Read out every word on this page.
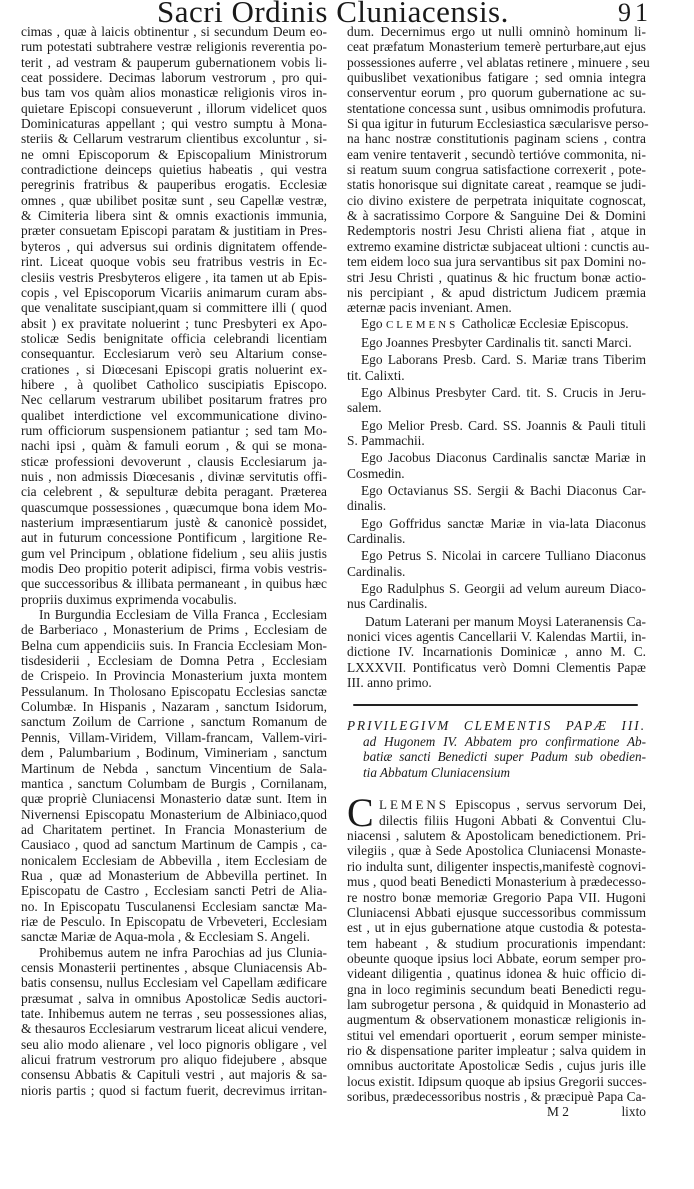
Sacri Ordinis Cluniacensis.	91
cimas , quæ à laicis obtinentur , si secundum Deum eo-
rum potestati subtrahere vestræ religionis reverentia po-
terit , ad vestram & pauperum gubernationem vobis li-
ceat possidere. Decimas laborum vestrorum , pro qui-
bus tam vos quàm alios monasticæ religionis viros in-
quietare Episcopi consueverunt , illorum videlicet quos
Dominicaturas appellant ; qui vestro sumptu à Mona-
steriis & Cellarum vestrarum clientibus excoluntur , si-
ne omni Episcoporum & Episcopalium Ministrorum
contradictione deinceps quietius habeatis , qui vestra
peregrinis fratribus & pauperibus erogatis. Ecclesiæ
omnes , quæ ubilibet positæ sunt , seu Capellæ vestræ,
& Cimiteria libera sint & omnis exactionis immunia,
præter consuetam Episcopi paratam & justitiam in Pres-
byteros , qui adversus sui ordinis dignitatem offende-
rint. Liceat quoque vobis seu fratribus vestris in Ec-
clesiis vestris Presbyteros eligere , ita tamen ut ab Epis-
copis , vel Episcoporum Vicariis animarum curam abs-
que venalitate suscipiant,quam si committere illi ( quod
absit ) ex pravitate noluerint ; tunc Presbyteri ex Apo-
stolicæ Sedis benignitate officia celebrandi licentiam
consequantur. Ecclesiarum verò seu Altarium conse-
crationes , si Diœcesani Episcopi gratis noluerint ex-
hibere , à quolibet Catholico suscipiatis Episcopo.
Nec cellarum vestrarum ubilibet positarum fratres pro
qualibet interdictione vel excommunicatione divino-
rum officiorum suspensionem patiantur ; sed tam Mo-
nachi ipsi , quàm & famuli eorum , & qui se mona-
sticæ professioni devoverunt , clausis Ecclesiarum ja-
nuis , non admissis Diœcesanis , divinæ servitutis offi-
cia celebrent , & sepulturæ debita peragant. Præterea
quascumque possessiones , quæcumque bona idem Mo-
nasterium impræsentiarum justè & canonicè possidet,
aut in futurum concessione Pontificum , largitione Re-
gum vel Principum , oblatione fidelium , seu aliis justis
modis Deo propitio poterit adipisci, firma vobis vestris-
que successoribus & illibata permaneant , in quibus hæc
propriis duximus exprimenda vocabulis.
In Burgundia Ecclesiam de Villa Franca , Ecclesiam
de Barberiaco , Monasterium de Prims , Ecclesiam de
Belna cum appendiciis suis. In Francia Ecclesiam Mon-
tisdesiderii , Ecclesiam de Domna Petra , Ecclesiam
de Crispeio. In Provincia Monasterium juxta montem
Pessulanum. In Tholosano Episcopatu Ecclesias sanctæ
Columbæ. In Hispanis , Nazaram , sanctum Isidorum,
sanctum Zoilum de Carrione , sanctum Romanum de
Pennis, Villam-Viridem, Villam-francam, Vallem-viri-
dem , Palumbarium , Bodinum, Vimineriam , sanctum
Martinum de Nebda , sanctum Vincentium de Sala-
mantica , sanctum Columbam de Burgis , Cornilanam,
quæ propriè Cluniacensi Monasterio datæ sunt. Item in
Nivernensi Episcopatu Monasterium de Albiniaco,quod
ad Charitatem pertinet. In Francia Monasterium de
Causiaco , quod ad sanctum Martinum de Campis , ca-
nonicalem Ecclesiam de Abbevilla , item Ecclesiam de
Rua , quæ ad Monasterium de Abbevilla pertinet. In
Episcopatu de Castro , Ecclesiam sancti Petri de Alia-
no. In Episcopatu Tusculanensi Ecclesiam sanctæ Ma-
riæ de Pesculo. In Episcopatu de Vrbeveteri, Ecclesiam
sanctæ Mariæ de Aqua-mola , & Ecclesiam S. Angeli.
Prohibemus autem ne infra Parochias ad jus Clunia-
censis Monasterii pertinentes , absque Cluniacensis Ab-
batis consensu, nullus Ecclesiam vel Capellam ædificare
præsumat , salva in omnibus Apostolicæ Sedis auctori-
tate. Inhibemus autem ne terras , seu possessiones alias,
& thesauros Ecclesiarum vestrarum liceat alicui vendere,
seu alio modo alienare , vel loco pignoris obligare , vel
alicui fratrum vestrorum pro aliquo fidejubere , absque
consensu Abbatis & Capituli vestri , aut majoris & sa-
nioris partis ; quod si factum fuerit, decrevimus irritan-
dum. Decernimus ergo ut nulli omninò hominum li-
ceat præfatum Monasterium temerè perturbare,aut ejus
possessiones auferre , vel ablatas retinere , minuere , seu
quibuslibet vexationibus fatigare ; sed omnia integra
conserventur eorum , pro quorum gubernatione ac su-
stentatione concessa sunt , usibus omnimodis profutura.
Si qua igitur in futurum Ecclesiastica sæcularisve perso-
na hanc nostræ constitutionis paginam sciens , contra
eam venire tentaverit , secundò tertióve commonita, ni-
si reatum suum congrua satisfactione correxerit , pote-
statis honorisque sui dignitate careat , reamque se judi-
cio divino existere de perpetrata iniquitate cognoscat,
& à sacratissimo Corpore & Sanguine Dei & Domini
Redemptoris nostri Jesu Christi aliena fiat , atque in
extremo examine districtæ subjaceat ultioni : cunctis au-
tem eidem loco sua jura servantibus sit pax Domini no-
stri Jesu Christi , quatinus & hic fructum bonæ actio-
nis percipiant , & apud districtum Judicem præmia
æternæ pacis inveniant. Amen.
Ego CLEMENS Catholicæ Ecclesiæ Episcopus.
Ego Joannes Presbyter Cardinalis tit. sancti Marci.
Ego Laborans Presb. Card. S. Mariæ trans Tiberim
tit. Calixti.
Ego Albinus Presbyter Card. tit. S. Crucis in Jeru-
salem.
Ego Melior Presb. Card. SS. Joannis & Pauli tituli
S. Pammachii.
Ego Jacobus Diaconus Cardinalis sanctæ Mariæ in
Cosmedin.
Ego Octavianus SS. Sergii & Bachi Diaconus Car-
dinalis.
Ego Goffridus sanctæ Mariæ in via-lata Diaconus
Cardinalis.
Ego Petrus S. Nicolai in carcere Tulliano Diaconus
Cardinalis.
Ego Radulphus S. Georgii ad velum aureum Diaco-
nus Cardinalis.
Datum Laterani per manum Moysi Lateranensis Ca-
nonici vices agentis Cancellarii V. Kalendas Martii, in-
dictione IV. Incarnationis Dominicæ , anno M. C.
LXXXVII. Pontificatus verò Domni Clementis Papæ
III. anno primo.
PRIVILEGIVM CLEMENTIS PAPÆ III.
ad Hugonem IV. Abbatem pro confirmatione Ab-
batiæ sancti Benedicti super Padum sub obedien-
tia Abbatum Cluniacensium
C LEMENS Episcopus , servus servorum Dei,
dilectis filiis Hugoni Abbati & Conventui Clu-
niacensi , salutem & Apostolicam benedictionem. Pri-
vilegiis , quæ à Sede Apostolica Cluniacensi Monaste-
rio indulta sunt, diligenter inspectis,manifestè cognovi-
mus , quod beati Benedicti Monasterium à prædecesso-
re nostro bonæ memoriæ Gregorio Papa VII. Hugoni
Cluniacensi Abbati ejusque successoribus commissum
est , ut in ejus gubernatione atque custodia & potesta-
tem habeant , & studium procurationis impendant:
obeunte quoque ipsius loci Abbate, eorum semper pro-
videant diligentia , quatinus idonea & huic officio di-
gna in loco regiminis secundum beati Benedicti regu-
lam subrogetur persona , & quidquid in Monasterio ad
augmentum & observationem monasticæ religionis in-
stitui vel emendari oportuerit , eorum semper ministe-
rio & dispensatione pariter impleatur ; salva quidem in
omnibus auctoritate Apostolicæ Sedis , cujus juris ille
locus existit. Idipsum quoque ab ipsius Gregorii succes-
soribus, prædecessoribus nostris , & præcipuè Papa Ca-
M 2	lixto
